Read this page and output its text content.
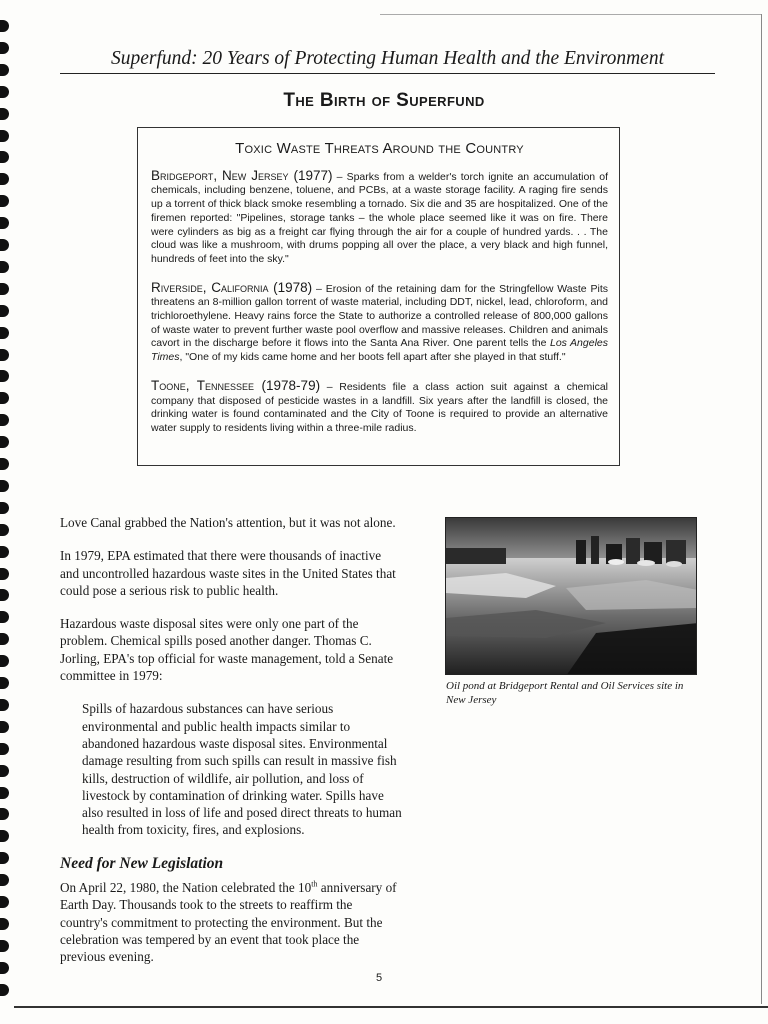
Superfund: 20 Years of Protecting Human Health and the Environment
The Birth of Superfund
Toxic Waste Threats Around the Country
Bridgeport, New Jersey (1977) – Sparks from a welder's torch ignite an accumulation of chemicals, including benzene, toluene, and PCBs, at a waste storage facility. A raging fire sends up a torrent of thick black smoke resembling a tornado. Six die and 35 are hospitalized. One of the firemen reported: "Pipelines, storage tanks – the whole place seemed like it was on fire. There were cylinders as big as a freight car flying through the air for a couple of hundred yards. . . The cloud was like a mushroom, with drums popping all over the place, a very black and high funnel, hundreds of feet into the sky."
Riverside, California (1978) – Erosion of the retaining dam for the Stringfellow Waste Pits threatens an 8-million gallon torrent of waste material, including DDT, nickel, lead, chloroform, and trichloroethylene. Heavy rains force the State to authorize a controlled release of 800,000 gallons of waste water to prevent further waste pool overflow and massive releases. Children and animals cavort in the discharge before it flows into the Santa Ana River. One parent tells the Los Angeles Times, "One of my kids came home and her boots fell apart after she played in that stuff."
Toone, Tennessee (1978-79) – Residents file a class action suit against a chemical company that disposed of pesticide wastes in a landfill. Six years after the landfill is closed, the drinking water is found contaminated and the City of Toone is required to provide an alternative water supply to residents living within a three-mile radius.

Love Canal grabbed the Nation's attention, but it was not alone.

In 1979, EPA estimated that there were thousands of inactive and uncontrolled hazardous waste sites in the United States that could pose a serious risk to public health.

Hazardous waste disposal sites were only one part of the problem. Chemical spills posed another danger. Thomas C. Jorling, EPA's top official for waste management, told a Senate committee in 1979:

Spills of hazardous substances can have serious environmental and public health impacts similar to abandoned hazardous waste disposal sites. Environmental damage resulting from such spills can result in massive fish kills, destruction of wildlife, air pollution, and loss of livestock by contamination of drinking water. Spills have also resulted in loss of life and posed direct threats to human health from toxicity, fires, and explosions.
Need for New Legislation

On April 22, 1980, the Nation celebrated the 10th anniversary of Earth Day. Thousands took to the streets to reaffirm the country's commitment to protecting the environment. But the celebration was tempered by an event that took place the previous evening.

Oil pond at Bridgeport Rental and Oil Services site in New Jersey
5
